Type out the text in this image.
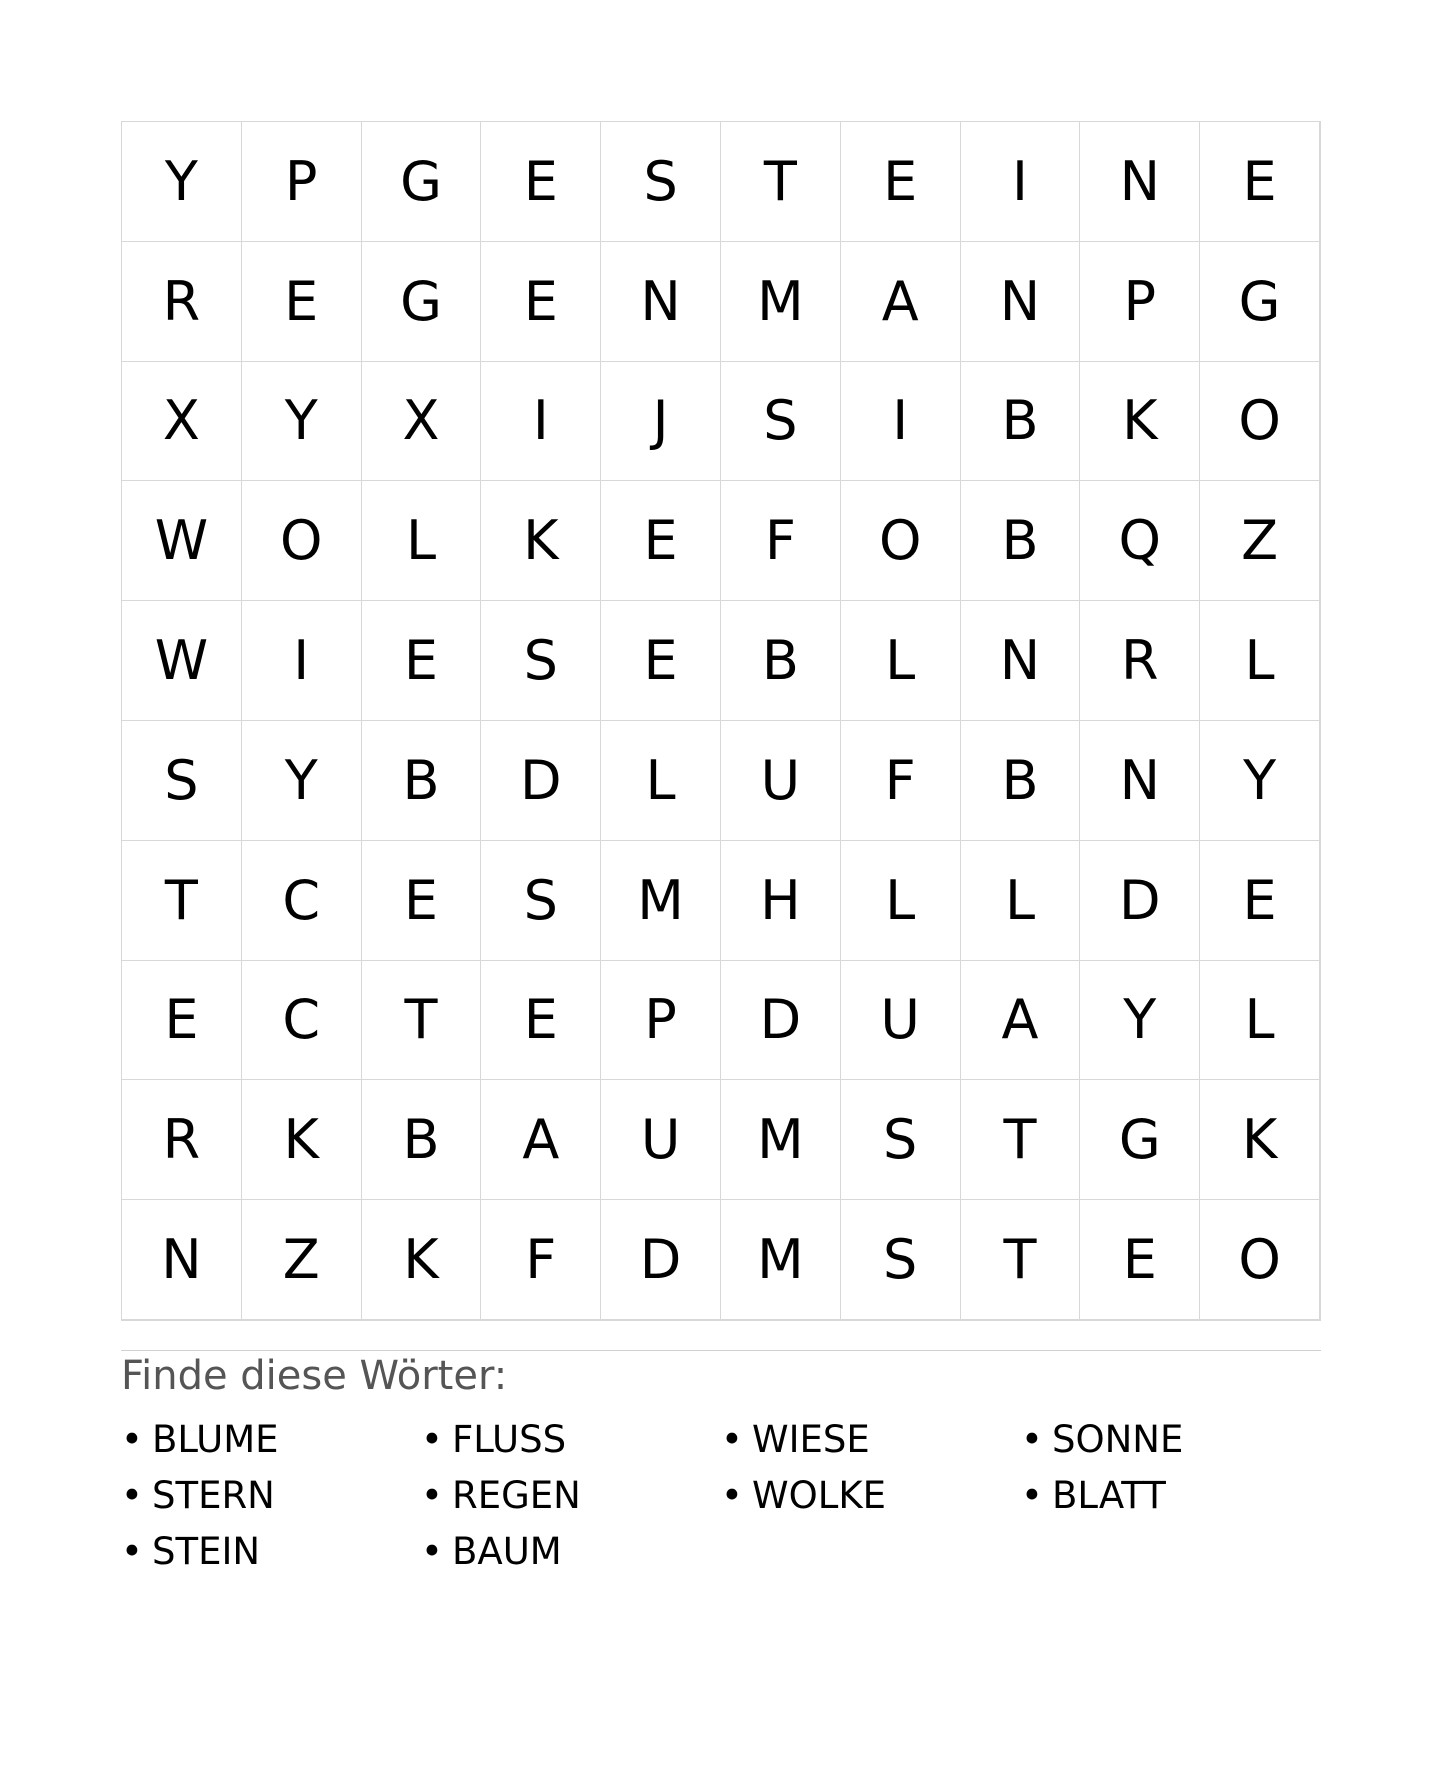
Y	P	G	E	S	T	E	I	N	E
R	E	G	E	N	M	A	N	P	G
X	Y	X	I	J	S	I	B	K	O
W	O	L	K	E	F	O	B	Q	Z
W	I	E	S	E	B	L	N	R	L
S	Y	B	D	L	U	F	B	N	Y
T	C	E	S	M	H	L	L	D	E
E	C	T	E	P	D	U	A	Y	L
R	K	B	A	U	M	S	T	G	K
N	Z	K	F	D	M	S	T	E	O
Finde diese Wörter:
• BLUME	• FLUSS	• WIESE	• SONNE
• STERN	• REGEN	• WOLKE	• BLATT
• STEIN	• BAUM
